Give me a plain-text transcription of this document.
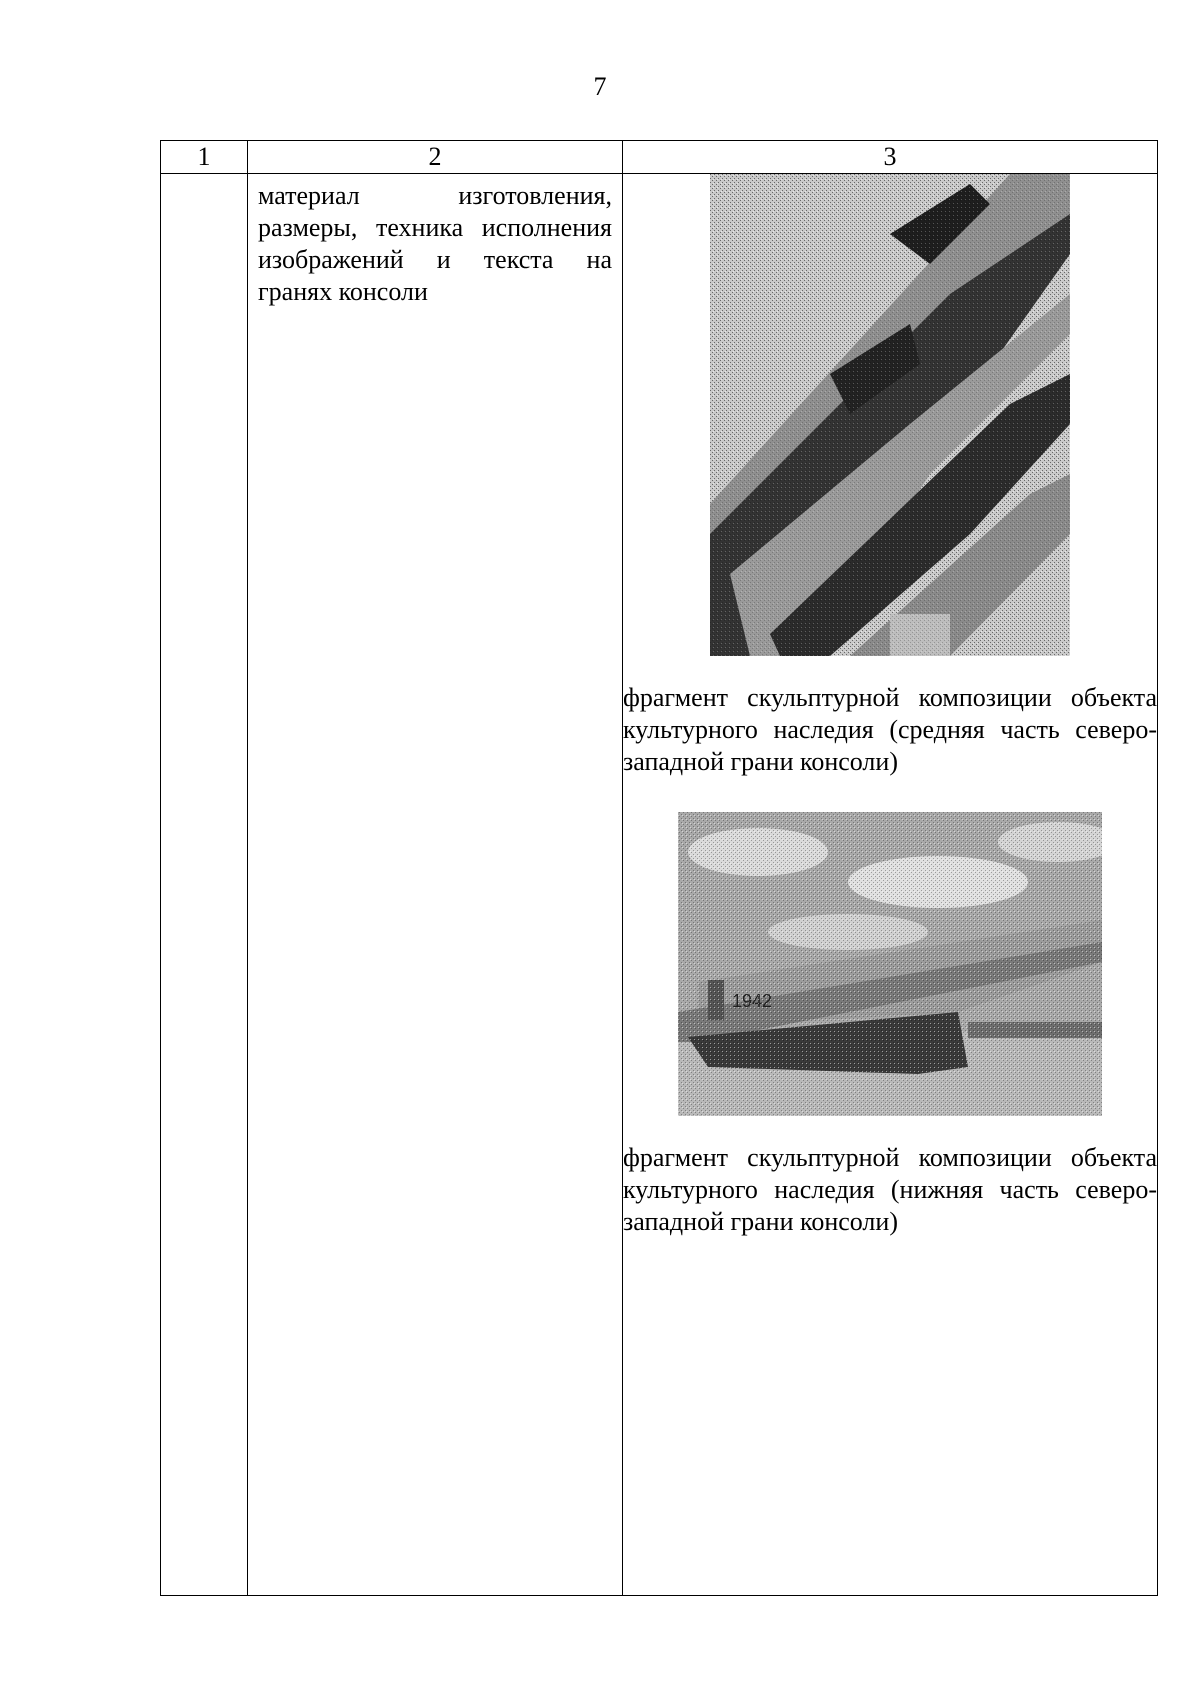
7
1	2	3

	материал изготовления, размеры, техника исполнения изображений и текста на гранях консоли	фрагмент скульптурной композиции объекта культурного наследия (средняя часть северо-западной грани консоли)
фрагмент скульптурной композиции объекта культурного наследия (нижняя часть северо-западной грани консоли)
